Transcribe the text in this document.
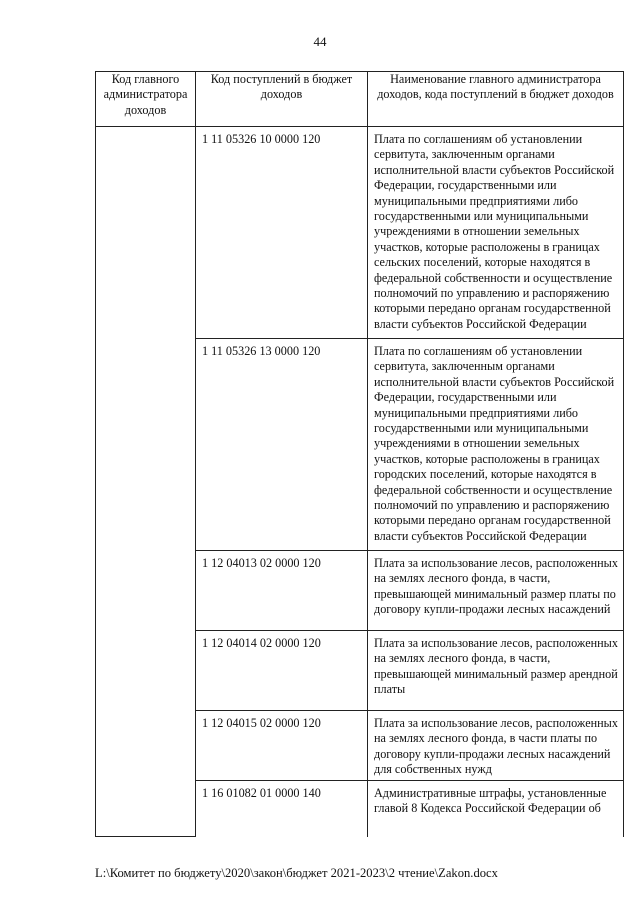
44
Код главного администратора доходов	Код поступлений в бюджет доходов	Наименование главного администратора доходов, кода поступлений в бюджет доходов
	1 11 05326 10 0000 120	Плата по соглашениям об установлении сервитута, заключенным органами исполнительной власти субъектов Российской Федерации, государственными или муниципальными предприятиями либо государственными или муниципальными учреждениями в отношении земельных участков, которые расположены в границах сельских поселений, которые находятся в федеральной собственности и осуществление полномочий по управлению и распоряжению которыми передано органам государственной власти субъектов Российской Федерации
	1 11 05326 13 0000 120	Плата по соглашениям об установлении сервитута, заключенным органами исполнительной власти субъектов Российской Федерации, государственными или муниципальными предприятиями либо государственными или муниципальными учреждениями в отношении земельных участков, которые расположены в границах городских поселений, которые находятся в федеральной собственности и осуществление полномочий по управлению и распоряжению которыми передано органам государственной власти субъектов Российской Федерации
	1 12 04013 02 0000 120	Плата за использование лесов, расположенных на землях лесного фонда, в части, превышающей минимальный размер платы по договору купли-продажи лесных насаждений
	1 12 04014 02 0000 120	Плата за использование лесов, расположенных на землях лесного фонда, в части, превышающей минимальный размер арендной платы
	1 12 04015 02 0000 120	Плата за использование лесов, расположенных на землях лесного фонда, в части платы по договору купли-продажи лесных насаждений для собственных нужд
	1 16 01082 01 0000 140	Административные штрафы, установленные главой 8 Кодекса Российской Федерации об
L:\Комитет по бюджету\2020\закон\бюджет 2021-2023\2 чтение\Zakon.docx
